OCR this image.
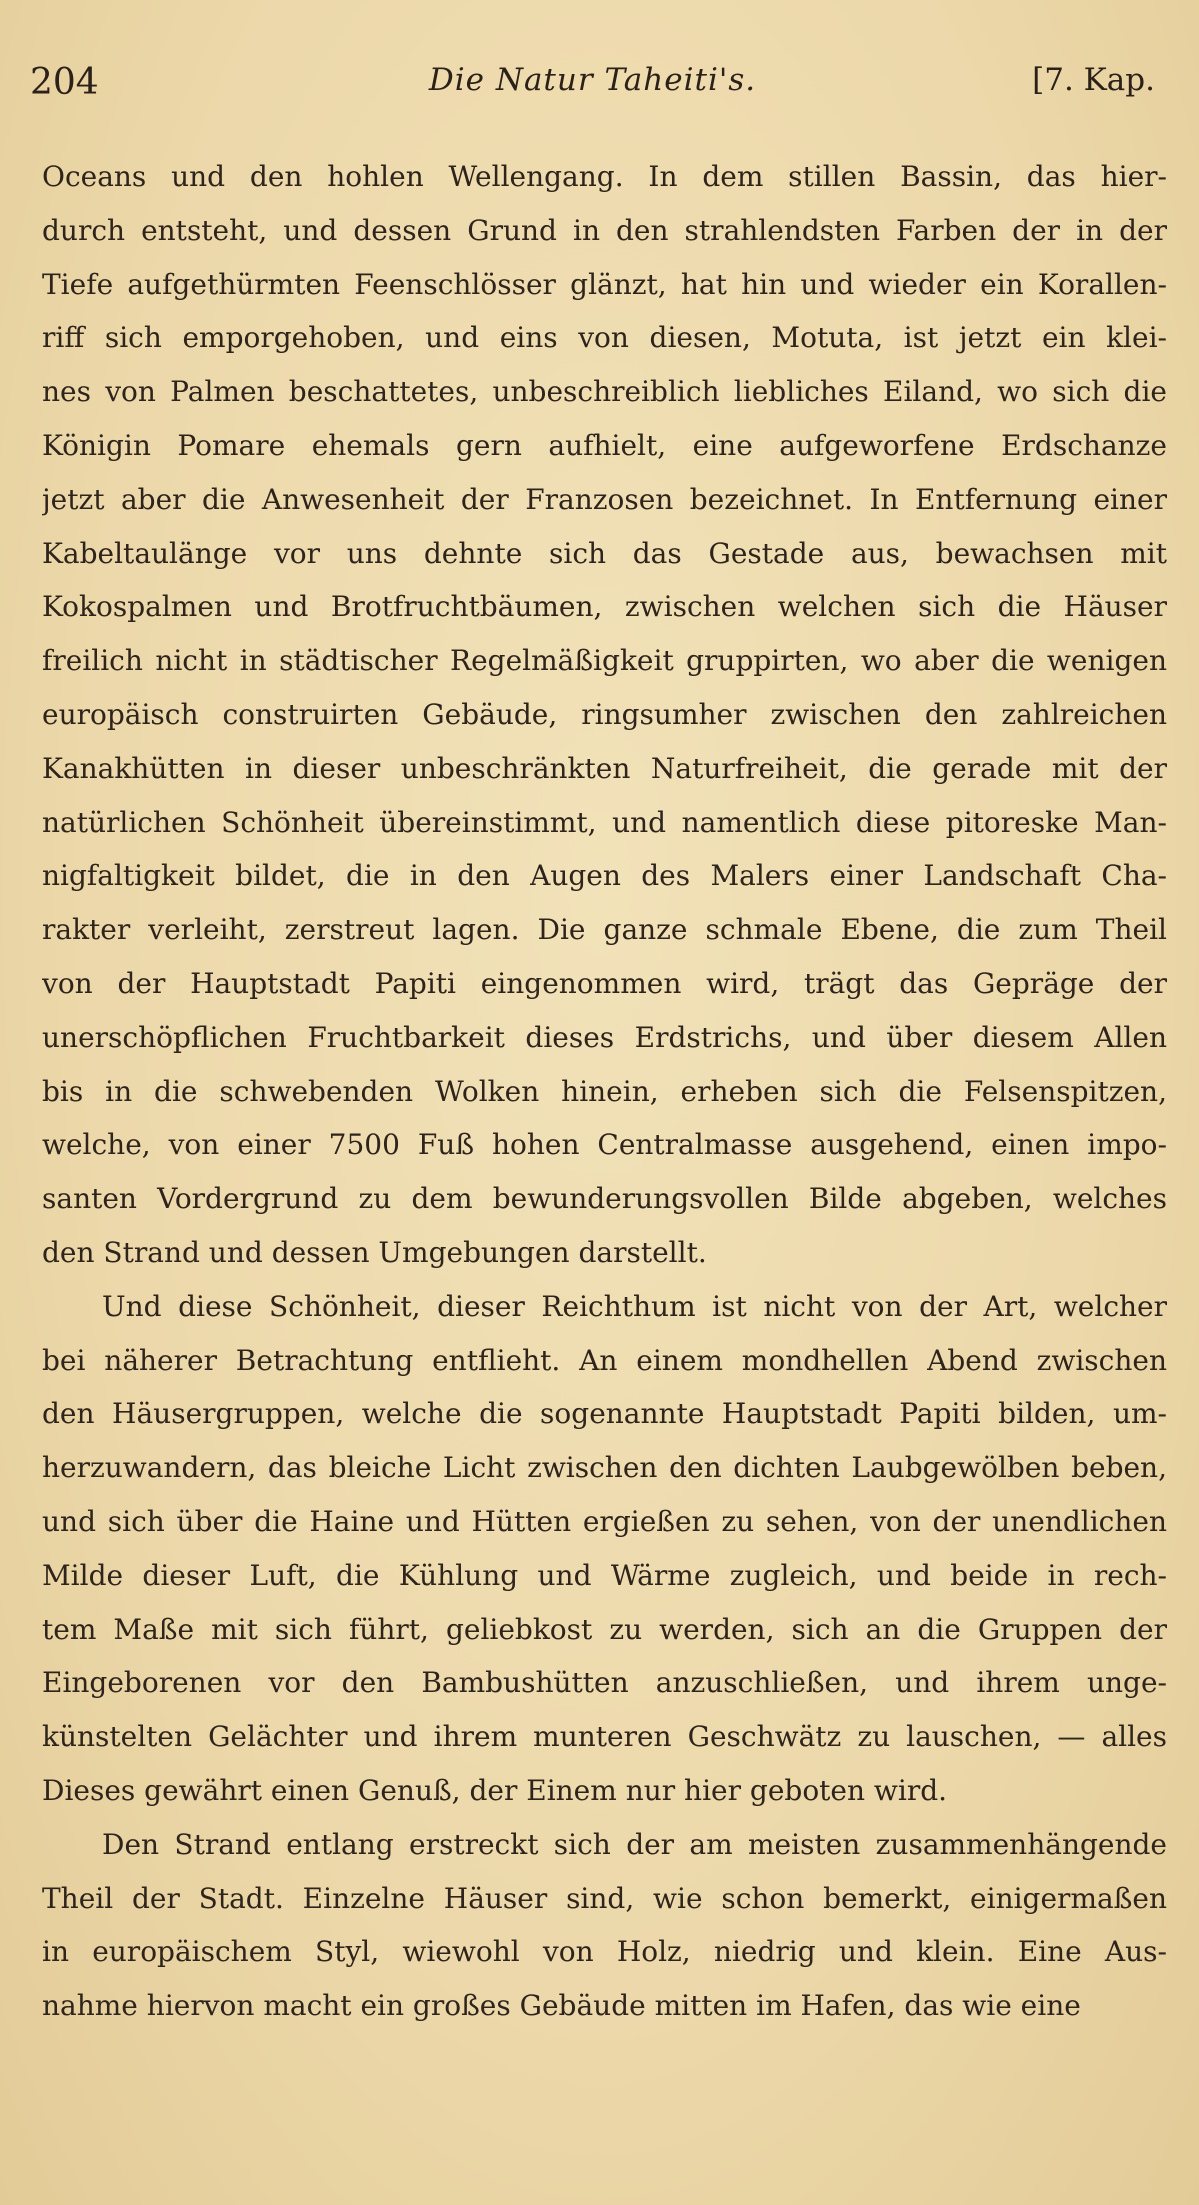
204	Die Natur Taheiti's.	[7. Kap.
Oceans und den hohlen Wellengang. In dem stillen Bassin, das hier-
durch entsteht, und dessen Grund in den strahlendsten Farben der in der
Tiefe aufgethürmten Feenschlösser glänzt, hat hin und wieder ein Korallen-
riff sich emporgehoben, und eins von diesen, Motuta, ist jetzt ein klei-
nes von Palmen beschattetes, unbeschreiblich liebliches Eiland, wo sich die
Königin Pomare ehemals gern aufhielt, eine aufgeworfene Erdschanze
jetzt aber die Anwesenheit der Franzosen bezeichnet. In Entfernung einer
Kabeltaulänge vor uns dehnte sich das Gestade aus, bewachsen mit
Kokospalmen und Brotfruchtbäumen, zwischen welchen sich die Häuser
freilich nicht in städtischer Regelmäßigkeit gruppirten, wo aber die wenigen
europäisch construirten Gebäude, ringsumher zwischen den zahlreichen
Kanakhütten in dieser unbeschränkten Naturfreiheit, die gerade mit der
natürlichen Schönheit übereinstimmt, und namentlich diese pitoreske Man-
nigfaltigkeit bildet, die in den Augen des Malers einer Landschaft Cha-
rakter verleiht, zerstreut lagen. Die ganze schmale Ebene, die zum Theil
von der Hauptstadt Papiti eingenommen wird, trägt das Gepräge der
unerschöpflichen Fruchtbarkeit dieses Erdstrichs, und über diesem Allen
bis in die schwebenden Wolken hinein, erheben sich die Felsenspitzen,
welche, von einer 7500 Fuß hohen Centralmasse ausgehend, einen impo-
santen Vordergrund zu dem bewunderungsvollen Bilde abgeben, welches
den Strand und dessen Umgebungen darstellt.
Und diese Schönheit, dieser Reichthum ist nicht von der Art, welcher
bei näherer Betrachtung entflieht. An einem mondhellen Abend zwischen
den Häusergruppen, welche die sogenannte Hauptstadt Papiti bilden, um-
herzuwandern, das bleiche Licht zwischen den dichten Laubgewölben beben,
und sich über die Haine und Hütten ergießen zu sehen, von der unendlichen
Milde dieser Luft, die Kühlung und Wärme zugleich, und beide in rech-
tem Maße mit sich führt, geliebkost zu werden, sich an die Gruppen der
Eingeborenen vor den Bambushütten anzuschließen, und ihrem unge-
künstelten Gelächter und ihrem munteren Geschwätz zu lauschen, — alles
Dieses gewährt einen Genuß, der Einem nur hier geboten wird.
Den Strand entlang erstreckt sich der am meisten zusammenhängende
Theil der Stadt. Einzelne Häuser sind, wie schon bemerkt, einigermaßen
in europäischem Styl, wiewohl von Holz, niedrig und klein. Eine Aus-
nahme hiervon macht ein großes Gebäude mitten im Hafen, das wie eine
